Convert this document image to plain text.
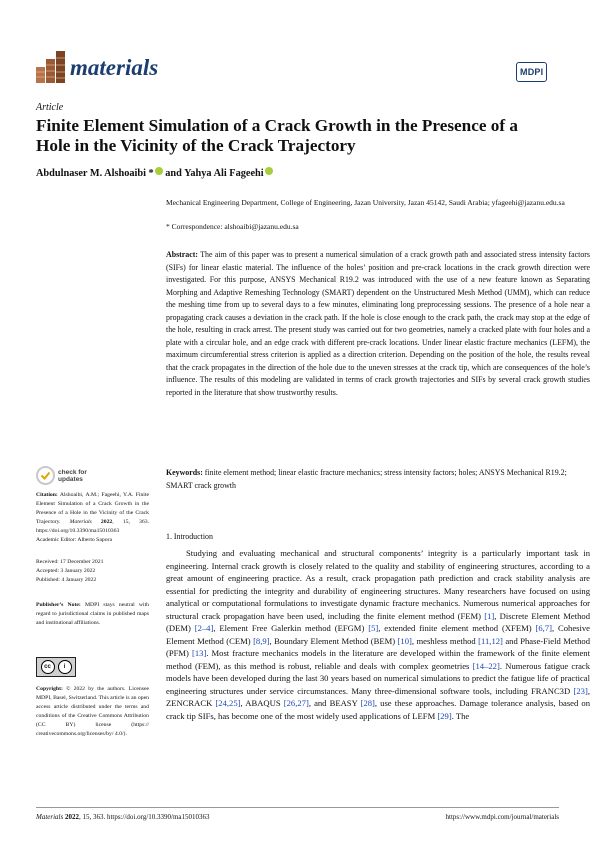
materials	MDPI
Article
Finite Element Simulation of a Crack Growth in the Presence of a Hole in the Vicinity of the Crack Trajectory
Abdulnaser M. Alshoaibi * and Yahya Ali Fageehi
Mechanical Engineering Department, College of Engineering, Jazan University, Jazan 45142, Saudi Arabia; yfageehi@jazanu.edu.sa
* Correspondence: alshoaibi@jazanu.edu.sa
Abstract: The aim of this paper was to present a numerical simulation of a crack growth path and associated stress intensity factors (SIFs) for linear elastic material. The influence of the holes’ position and pre-crack locations in the crack growth direction were investigated. For this purpose, ANSYS Mechanical R19.2 was introduced with the use of a new feature known as Separating Morphing and Adaptive Remeshing Technology (SMART) dependent on the Unstructured Mesh Method (UMM), which can reduce the meshing time from up to several days to a few minutes, eliminating long preprocessing sessions. The presence of a hole near a propagating crack causes a deviation in the crack path. If the hole is close enough to the crack path, the crack may stop at the edge of the hole, resulting in crack arrest. The present study was carried out for two geometries, namely a cracked plate with four holes and a plate with a circular hole, and an edge crack with different pre-crack locations. Under linear elastic fracture mechanics (LEFM), the maximum circumferential stress criterion is applied as a direction criterion. Depending on the position of the hole, the results reveal that the crack propagates in the direction of the hole due to the uneven stresses at the crack tip, which are consequences of the hole’s influence. The results of this modeling are validated in terms of crack growth trajectories and SIFs by several crack growth studies reported in the literature that show trustworthy results.
Keywords: finite element method; linear elastic fracture mechanics; stress intensity factors; holes; ANSYS Mechanical R19.2; SMART crack growth
1. Introduction

Studying and evaluating mechanical and structural components’ integrity is a particularly important task in engineering. Internal crack growth is closely related to the quality and stability of engineering structures, according to a great amount of engineering practice. As a result, crack propagation path prediction and crack stability analysis are essential for predicting the integrity and durability of engineering structures. Many researchers have focused on using analytical or computational formulations to investigate dynamic fracture mechanics. Numerous numerical approaches for structural crack propagation have been used, including the finite element method (FEM) [1], Discrete Element Method (DEM) [2–4], Element Free Galerkin method (EFGM) [5], extended finite element method (XFEM) [6,7], Cohesive Element Method (CEM) [8,9], Boundary Element Method (BEM) [10], meshless method [11,12] and Phase-Field Method (PFM) [13]. Most fracture mechanics models in the literature are developed within the framework of the finite element method (FEM), as this method is robust, reliable and deals with complex geometries [14–22]. Numerous fatigue crack models have been developed during the last 30 years based on numerical simulations to predict the fatigue life of practical engineering structures under service circumstances. Many three-dimensional software tools, including FRANC3D [23], ZENCRACK [24,25], ABAQUS [26,27], and BEASY [28], use these approaches. Damage tolerance analysis, based on crack tip SIFs, has become one of the most widely used applications of LEFM [29]. The

check for
updates
Citation: Alshoaibi, A.M.; Fageehi, Y.A. Finite Element Simulation of a Crack Growth in the Presence of a Hole in the Vicinity of the Crack Trajectory. Materials 2022, 15, 363. https://doi.org/10.3390/ma15010363
Academic Editor: Alberto Sapora
Received: 17 December 2021
Accepted: 3 January 2022
Published: 4 January 2022
Publisher’s Note: MDPI stays neutral with regard to jurisdictional claims in published maps and institutional affiliations.
cc	i
Copyright: © 2022 by the authors. Licensee MDPI, Basel, Switzerland. This article is an open access article distributed under the terms and conditions of the Creative Commons Attribution (CC BY) license (https:// creativecommons.org/licenses/by/ 4.0/).
Materials 2022, 15, 363. https://doi.org/10.3390/ma15010363	https://www.mdpi.com/journal/materials
